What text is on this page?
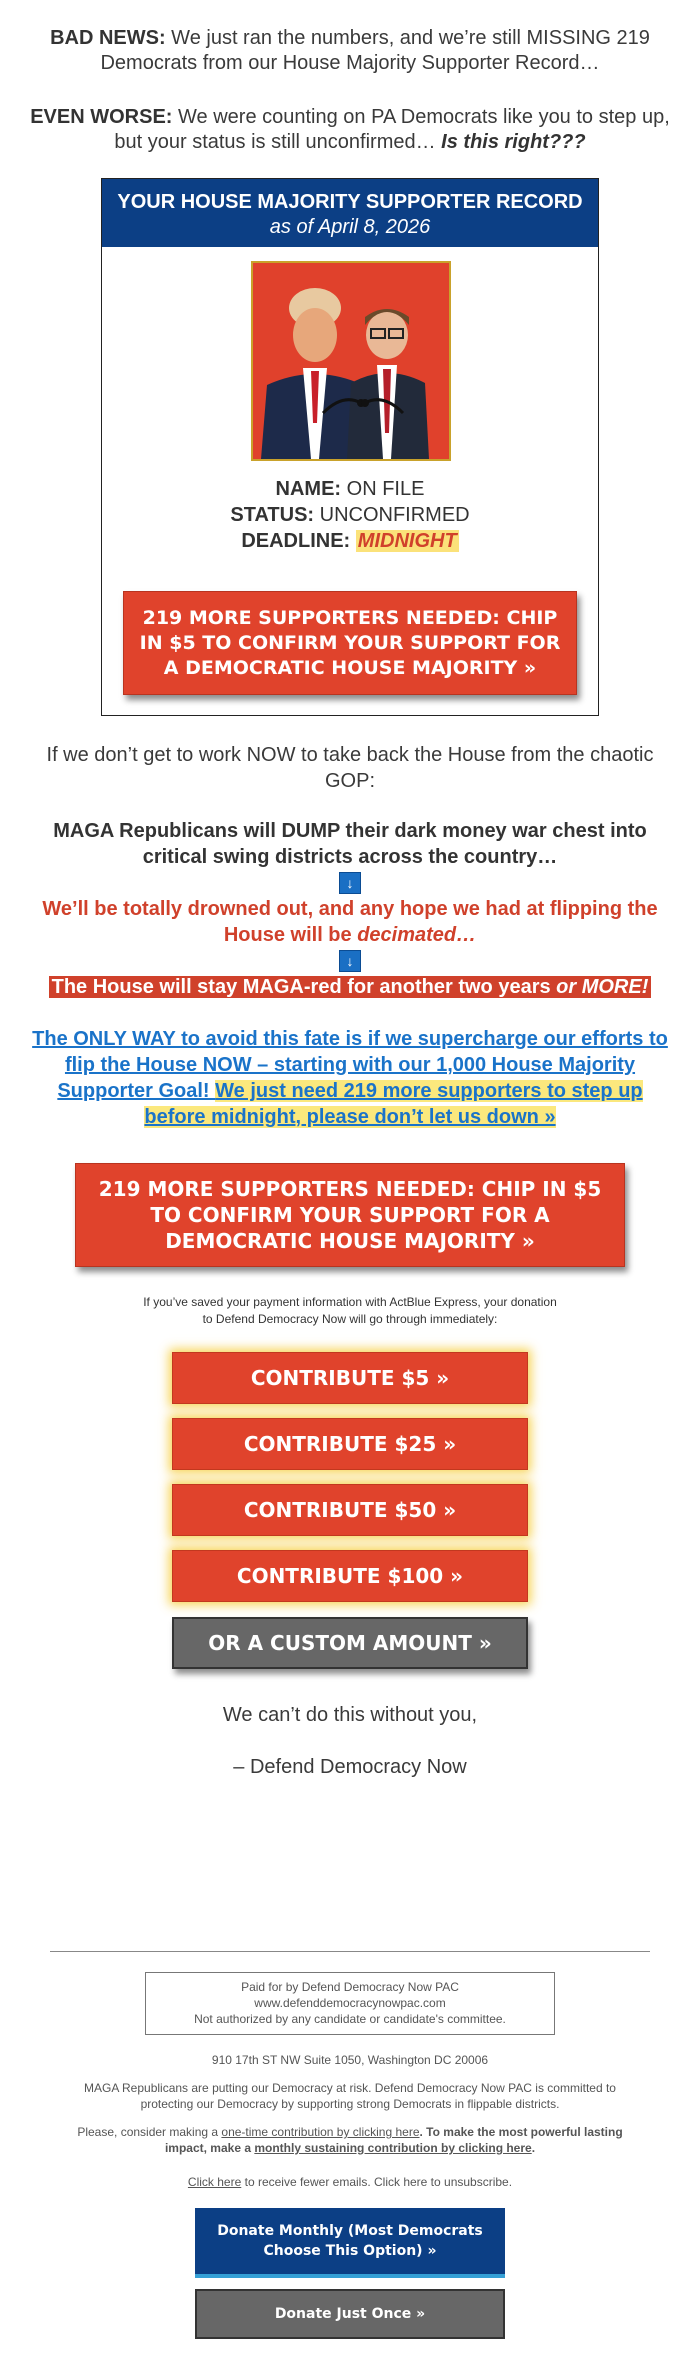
BAD NEWS: We just ran the numbers, and we’re still MISSING 219 Democrats from our House Majority Supporter Record…
EVEN WORSE: We were counting on PA Democrats like you to step up, but your status is still unconfirmed… Is this right???
YOUR HOUSE MAJORITY SUPPORTER RECORD
as of April 8, 2026
NAME: ON FILE
STATUS: UNCONFIRMED
DEADLINE: MIDNIGHT
219 MORE SUPPORTERS NEEDED: CHIP IN $5 TO CONFIRM YOUR SUPPORT FOR A DEMOCRATIC HOUSE MAJORITY »
If we don’t get to work NOW to take back the House from the chaotic GOP:
MAGA Republicans will DUMP their dark money war chest into critical swing districts across the country…
↓
We’ll be totally drowned out, and any hope we had at flipping the House will be decimated…
↓
The House will stay MAGA-red for another two years or MORE!
The ONLY WAY to avoid this fate is if we supercharge our efforts to flip the House NOW – starting with our 1,000 House Majority Supporter Goal! We just need 219 more supporters to step up before midnight, please don’t let us down »
219 MORE SUPPORTERS NEEDED: CHIP IN $5 TO CONFIRM YOUR SUPPORT FOR A DEMOCRATIC HOUSE MAJORITY »
If you’ve saved your payment information with ActBlue Express, your donation
to Defend Democracy Now will go through immediately:
CONTRIBUTE $5 »
CONTRIBUTE $25 »
CONTRIBUTE $50 »
CONTRIBUTE $100 »
OR A CUSTOM AMOUNT »
We can’t do this without you,
– Defend Democracy Now
Paid for by Defend Democracy Now PAC
www.defenddemocracynowpac.com
Not authorized by any candidate or candidate's committee.
910 17th ST NW Suite 1050, Washington DC 20006
MAGA Republicans are putting our Democracy at risk. Defend Democracy Now PAC is committed to protecting our Democracy by supporting strong Democrats in flippable districts.
Please, consider making a one-time contribution by clicking here. To make the most powerful lasting impact, make a monthly sustaining contribution by clicking here.
Click here to receive fewer emails. Click here to unsubscribe.
Donate Monthly (Most Democrats Choose This Option) »
Donate Just Once »
